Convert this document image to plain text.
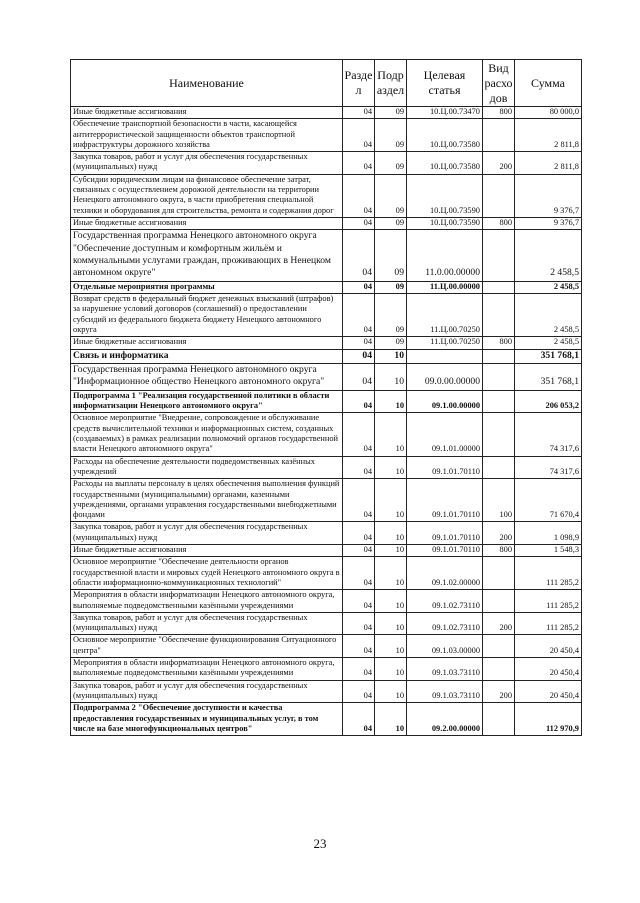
Наименование	Разде л	Подр аздел	Целевая статья	Вид расхо дов	Сумма
Иные бюджетные ассигнования	04	09	10.Ц.00.73470	800	80 000,0
Обеспечение транспортной безопасности в части, касающейся антитеррористической защищенности объектов транспортной инфраструктуры дорожного хозяйства	04	09	10.Ц.00.73580		2 811,8
Закупка товаров, работ и услуг для обеспечения государственных (муниципальных) нужд	04	09	10.Ц.00.73580	200	2 811,8
Субсидии юридическим лицам на финансовое обеспечение затрат, связанных с осуществлением дорожной деятельности на территории Ненецкого автономного округа, в части приобретения специальной техники и оборудования для строительства, ремонта и содержания дорог	04	09	10.Ц.00.73590		9 376,7
Иные бюджетные ассигнования	04	09	10.Ц.00.73590	800	9 376,7
Государственная программа Ненецкого автономного округа "Обеспечение доступным и комфортным жильём и коммунальными услугами граждан, проживающих в Ненецком автономном округе"	04	09	11.0.00.00000		2 458,5
Отдельные мероприятия программы	04	09	11.Ц.00.00000		2 458,5
Возврат средств в федеральный бюджет денежных взысканий (штрафов) за нарушение условий договоров (соглашений) о предоставлении субсидий из федерального бюджета бюджету Ненецкого автономного округа	04	09	11.Ц.00.70250		2 458,5
Иные бюджетные ассигнования	04	09	11.Ц.00.70250	800	2 458,5
Связь и информатика	04	10			351 768,1
Государственная программа Ненецкого автономного округа "Информационное общество Ненецкого автономного округа"	04	10	09.0.00.00000		351 768,1
Подпрограмма 1 "Реализация государственной политики в области информатизации Ненецкого автономного округа"	04	10	09.1.00.00000		206 053,2
Основное мероприятие "Внедрение, сопровождение и обслуживание средств вычислительной техники и информационных систем, созданных (создаваемых) в рамках реализации полномочий органов государственной власти Ненецкого автономного округа"	04	10	09.1.01.00000		74 317,6
Расходы на обеспечение деятельности подведомственных казённых учреждений	04	10	09.1.01.70110		74 317,6
Расходы на выплаты персоналу в целях обеспечения выполнения функций государственными (муниципальными) органами, казенными учреждениями, органами управления государственными внебюджетными фондами	04	10	09.1.01.70110	100	71 670,4
Закупка товаров, работ и услуг для обеспечения государственных (муниципальных) нужд	04	10	09.1.01.70110	200	1 098,9
Иные бюджетные ассигнования	04	10	09.1.01.70110	800	1 548,3
Основное мероприятие "Обеспечение деятельности органов государственной власти и мировых судей Ненецкого автономного округа в области информационно-коммуникационных технологий"	04	10	09.1.02.00000		111 285,2
Мероприятия в области информатизации Ненецкого автономного округа, выполняемые подведомственными казёнными учреждениями	04	10	09.1.02.73110		111 285,2
Закупка товаров, работ и услуг для обеспечения государственных (муниципальных) нужд	04	10	09.1.02.73110	200	111 285,2
Основное мероприятие "Обеспечение функционирования Ситуационного центра"	04	10	09.1.03.00000		20 450,4
Мероприятия в области информатизации Ненецкого автономного округа, выполняемые подведомственными казёнными учреждениями	04	10	09.1.03.73110		20 450,4
Закупка товаров, работ и услуг для обеспечения государственных (муниципальных) нужд	04	10	09.1.03.73110	200	20 450,4
Подпрограмма 2 "Обеспечение доступности и качества предоставления государственных и муниципальных услуг, в том числе на базе многофункциональных центров"	04	10	09.2.00.00000		112 970,9
23
